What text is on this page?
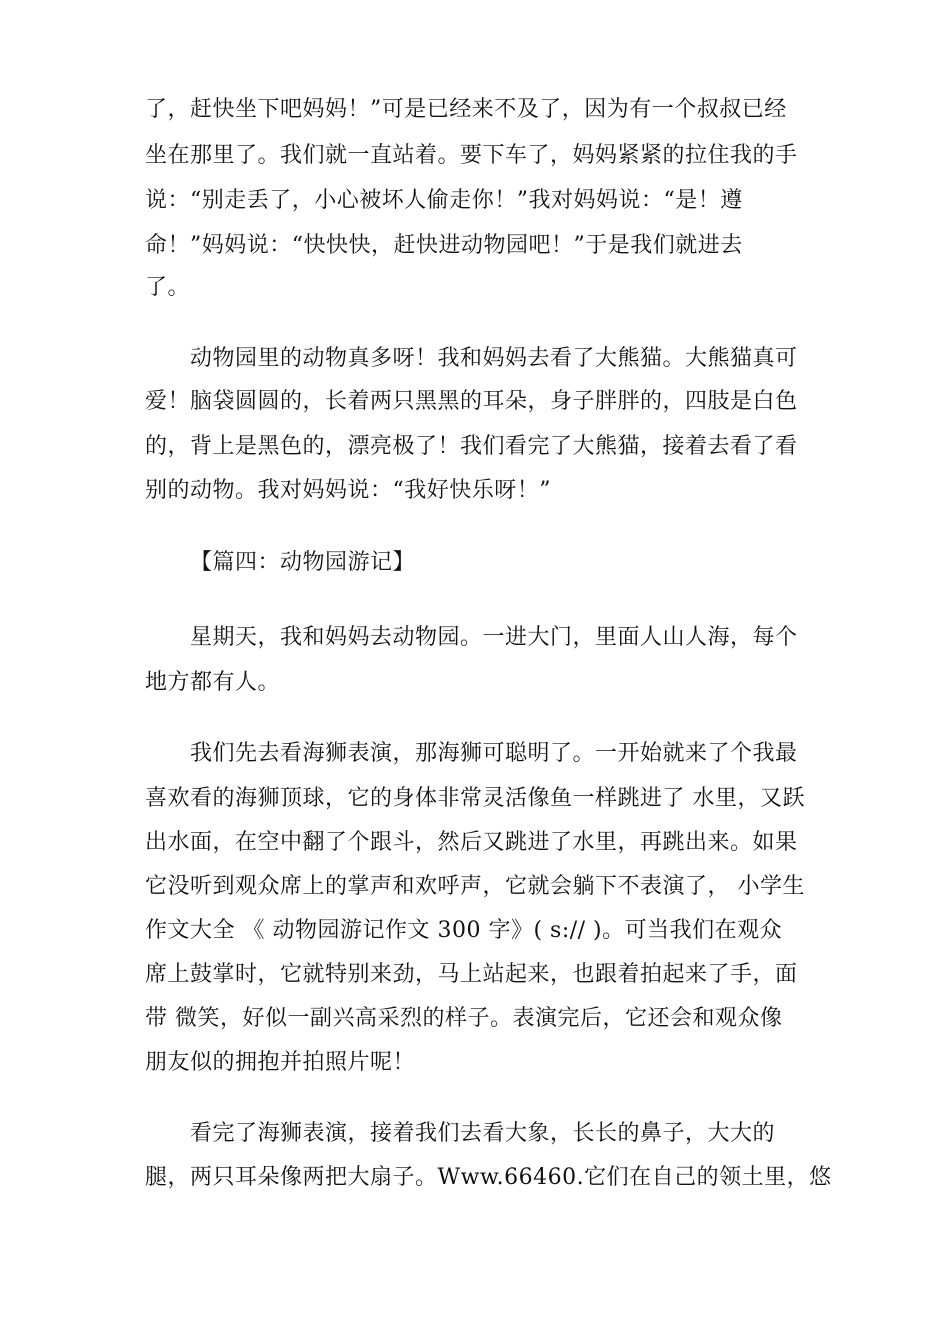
了，赶快坐下吧妈妈！”可是已经来不及了，因为有一个叔叔已经
坐在那里了。我们就一直站着。要下车了，妈妈紧紧的拉住我的手
说：“别走丢了，小心被坏人偷走你！”我对妈妈说：“是！遵
命！”妈妈说：“快快快，赶快进动物园吧！”于是我们就进去
了。
动物园里的动物真多呀！我和妈妈去看了大熊猫。大熊猫真可
爱！脑袋圆圆的，长着两只黑黑的耳朵，身子胖胖的，四肢是白色
的，背上是黑色的，漂亮极了！我们看完了大熊猫，接着去看了看
别的动物。我对妈妈说：“我好快乐呀！”
【篇四：动物园游记】
星期天，我和妈妈去动物园。一进大门，里面人山人海，每个
地方都有人。
我们先去看海狮表演，那海狮可聪明了。一开始就来了个我最
喜欢看的海狮顶球，它的身体非常灵活像鱼一样跳进了 水里，又跃
出水面，在空中翻了个跟斗，然后又跳进了水里，再跳出来。如果
它没听到观众席上的掌声和欢呼声，它就会躺下不表演了， 小学生
作文大全 《 动物园游记作文 300 字》( s:// )。可当我们在观众
席上鼓掌时，它就特别来劲，马上站起来，也跟着拍起来了手，面
带 微笑，好似一副兴高采烈的样子。表演完后，它还会和观众像
朋友似的拥抱并拍照片呢！
看完了海狮表演，接着我们去看大象，长长的鼻子，大大的
腿，两只耳朵像两把大扇子。Www.66460.它们在自己的领土里，悠
